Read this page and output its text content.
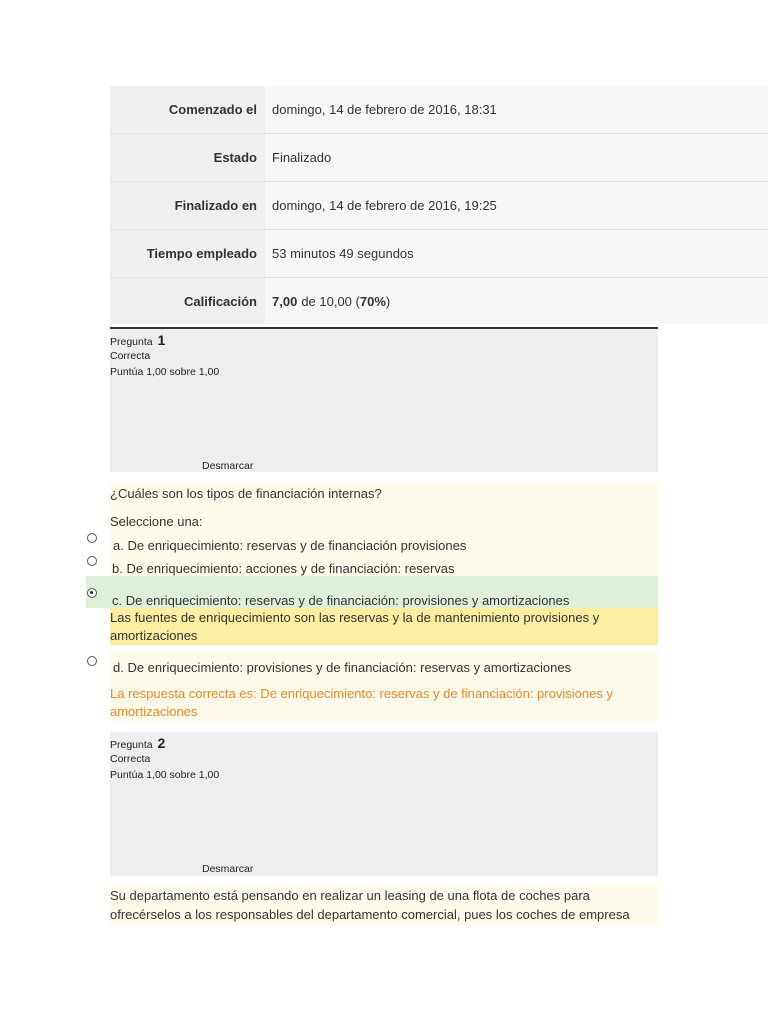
Comenzado el	domingo, 14 de febrero de 2016, 18:31
Estado	Finalizado
Finalizado en	domingo, 14 de febrero de 2016, 19:25
Tiempo empleado	53 minutos 49 segundos
Calificación	7,00 de 10,00 ( 70% )
Pregunta 1
Correcta
Puntúa 1,00 sobre 1,00
Desmarcar
¿Cuáles son los tipos de financiación internas?
Seleccione una:
a. De enriquecimiento: reservas y de financiación provisiones
b. De enriquecimiento: acciones y de financiación: reservas
c. De enriquecimiento: reservas y de financiación: provisiones y amortizaciones
Las fuentes de enriquecimiento son las reservas y la de mantenimiento provisiones y amortizaciones
d. De enriquecimiento: provisiones y de financiación: reservas y amortizaciones
La respuesta correcta es: De enriquecimiento: reservas y de financiación: provisiones y amortizaciones
Pregunta 2
Correcta
Puntúa 1,00 sobre 1,00
Desmarcar
Su departamento está pensando en realizar un leasing de una flota de coches para ofrecérselos a los responsables del departamento comercial, pues los coches de empresa
